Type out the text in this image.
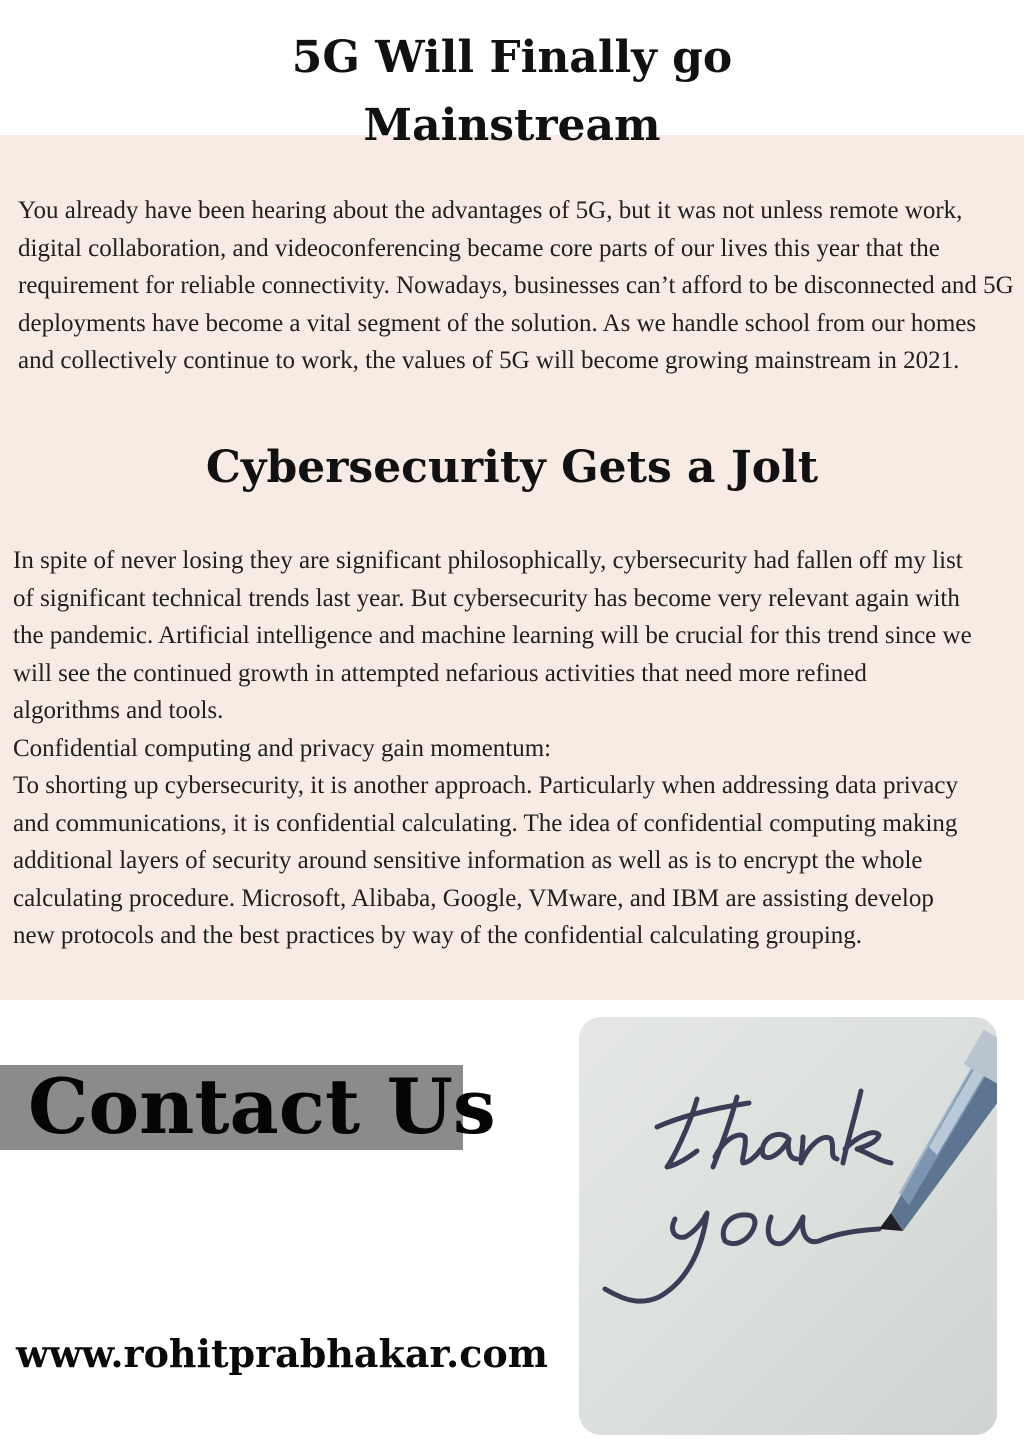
5G Will Finally go
Mainstream

You already have been hearing about the advantages of 5G, but it was not unless remote work, digital collaboration, and videoconferencing became core parts of our lives this year that the requirement for reliable connectivity. Nowadays, businesses can’t afford to be disconnected and 5G deployments have become a vital segment of the solution. As we handle school from our homes and collectively continue to work, the values of 5G will become growing mainstream in 2021.

Cybersecurity Gets a Jolt
In spite of never losing they are significant philosophically, cybersecurity had fallen off my list of significant technical trends last year. But cybersecurity has become very relevant again with the pandemic. Artificial intelligence and machine learning will be crucial for this trend since we will see the continued growth in attempted nefarious activities that need more refined algorithms and tools.
Confidential computing and privacy gain momentum:
To shorting up cybersecurity, it is another approach. Particularly when addressing data privacy and communications, it is confidential calculating. The idea of confidential computing making additional layers of security around sensitive information as well as is to encrypt the whole calculating procedure. Microsoft, Alibaba, Google, VMware, and IBM are assisting develop new protocols and the best practices by way of the confidential calculating grouping.
Contact Us

www.rohitprabhakar.com
